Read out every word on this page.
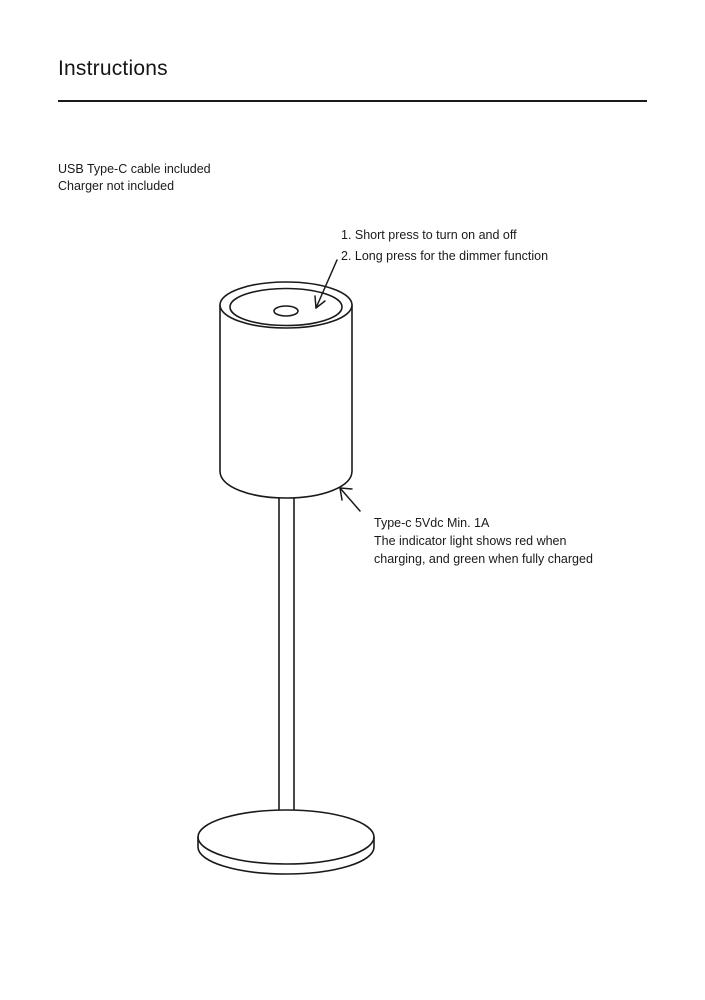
Instructions
USB Type-C cable included
Charger not included
1. Short press to turn on and off
2. Long press for the dimmer function
Type-c 5Vdc Min. 1A
The indicator light shows red when
charging, and green when fully charged
